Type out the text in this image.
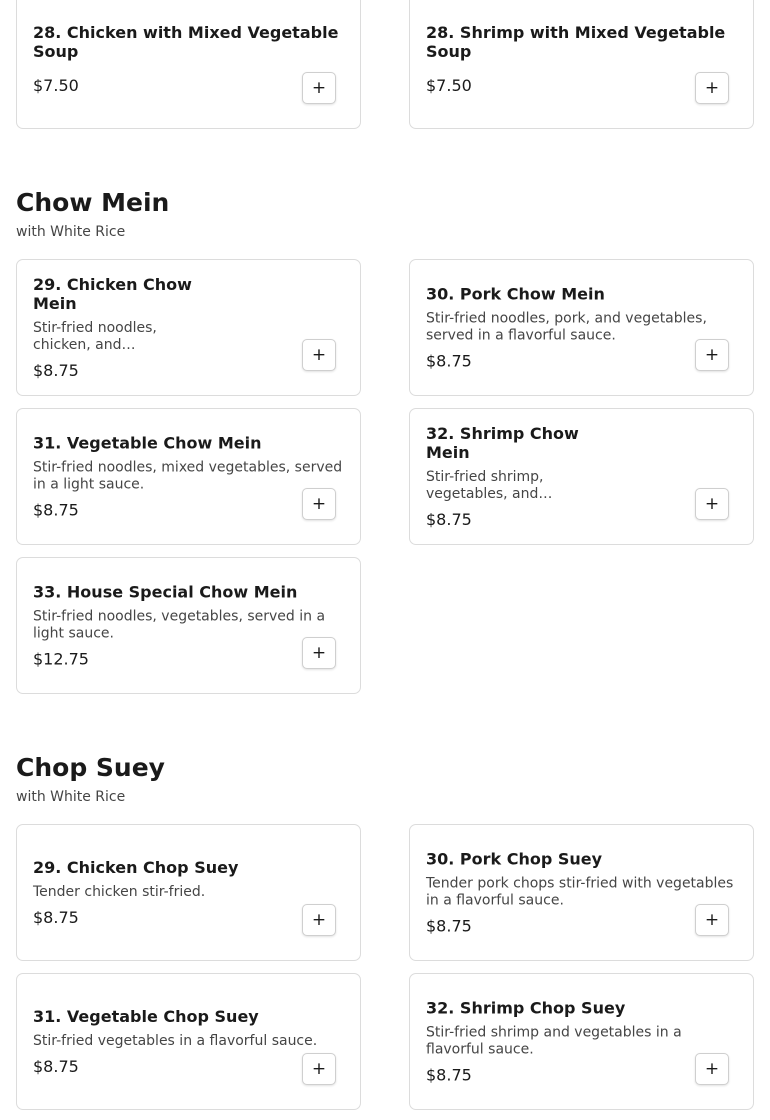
28. Chicken with Mixed Vegetable Soup
$7.50	+
28. Shrimp with Mixed Vegetable Soup
$7.50	+
Chow Mein
with White Rice
29. Chicken Chow Mein
Stir-fried noodles, chicken, and
$8.75
+
30. Pork Chow Mein
Stir-fried noodles, pork, and vegetables, served in a flavorful sauce.
$8.75	+
31. Vegetable Chow Mein
Stir-fried noodles, mixed vegetables, served in a light sauce.
$8.75	+
32. Shrimp Chow Mein
Stir-fried shrimp, vegetables, and
$8.75
+
33. House Special Chow Mein
Stir-fried noodles, vegetables, served in a light sauce.
$12.75	+
Chop Suey
with White Rice
29. Chicken Chop Suey
Tender chicken stir-fried.
$8.75	+
30. Pork Chop Suey
Tender pork chops stir-fried with vegetables in a flavorful sauce.
$8.75	+
31. Vegetable Chop Suey
Stir-fried vegetables in a flavorful sauce.
$8.75	+
32. Shrimp Chop Suey
Stir-fried shrimp and vegetables in a flavorful sauce.
$8.75	+
